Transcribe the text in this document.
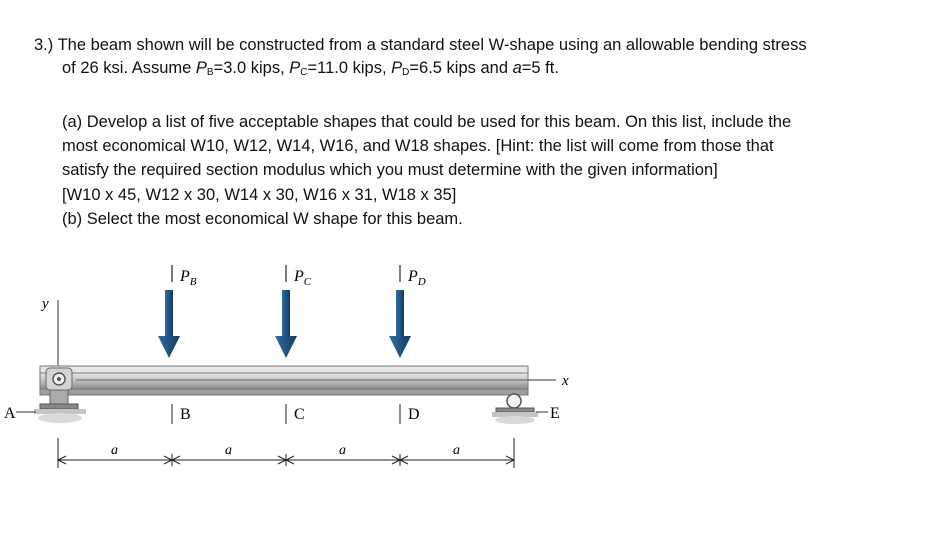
3.) The beam shown will be constructed from a standard steel W-shape using an allowable bending stress
of 26 ksi. Assume $P_B=3.0$ kips, $P_C=11.0$ kips, $P_D=6.5$ kips and a=5 ft.
(a) Develop a list of five acceptable shapes that could be used for this beam. On this list, include the
most economical W10, W12, W14, W16, and W18 shapes. [Hint: the list will come from those that
satisfy the required section modulus which you must determine with the given information]
[W10 x 45, W12 x 30, W14 x 30, W16 x 31, W18 x 35]
(b) Select the most economical W shape for this beam.
y
$P_B$	$P_C$	$P_D$
x
A	E
B	C	D
a	a	a	a
